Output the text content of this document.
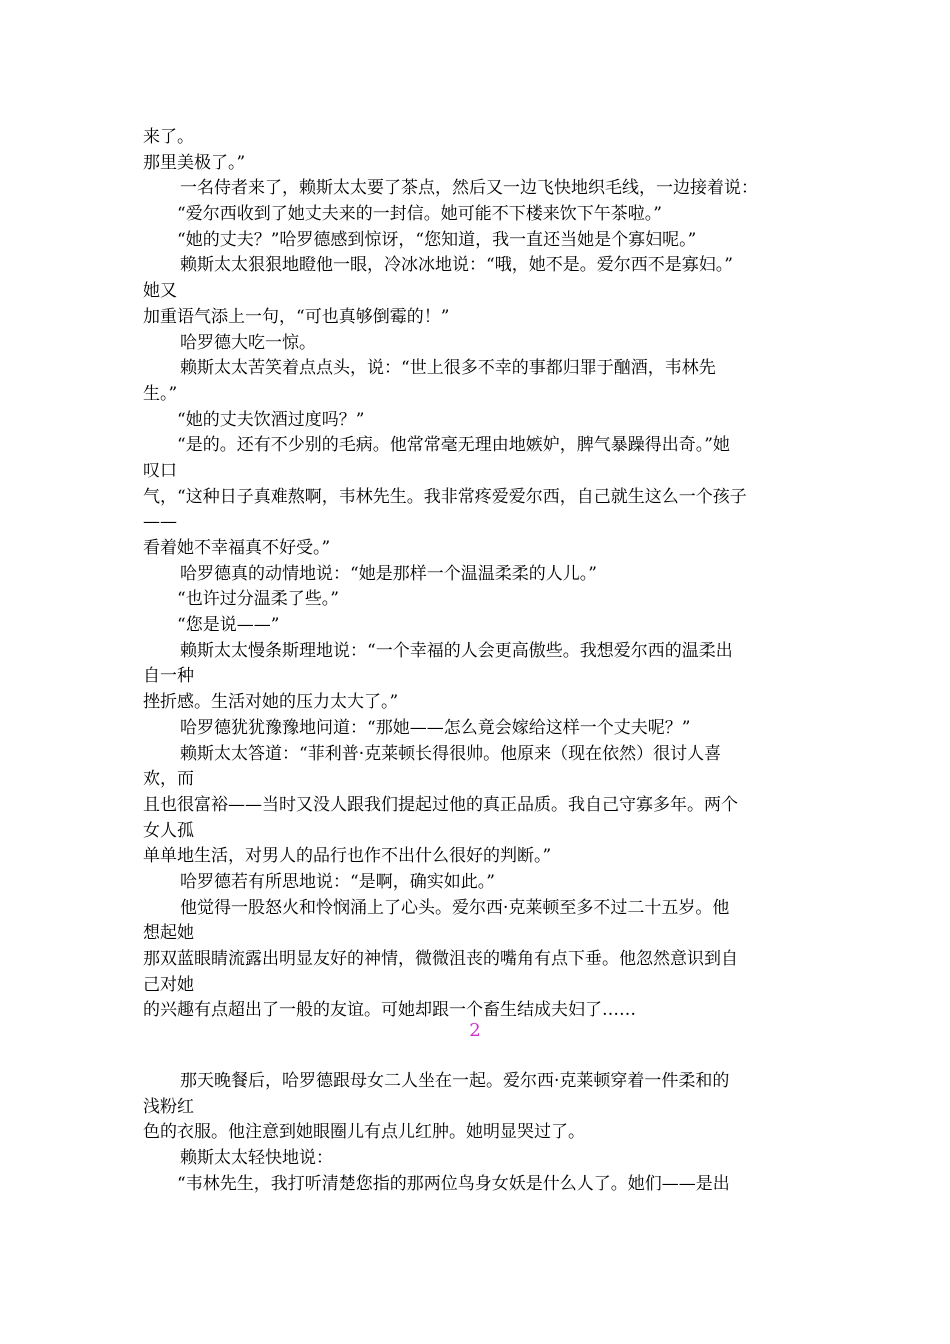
来了。
那里美极了。”
一名侍者来了，赖斯太太要了茶点，然后又一边飞快地织毛线，一边接着说：
“爱尔西收到了她丈夫来的一封信。她可能不下楼来饮下午茶啦。”
“她的丈夫？”哈罗德感到惊讶，“您知道，我一直还当她是个寡妇呢。”
赖斯太太狠狠地瞪他一眼，冷冰冰地说：“哦，她不是。爱尔西不是寡妇。”
她又
加重语气添上一句，“可也真够倒霉的！”
哈罗德大吃一惊。
赖斯太太苦笑着点点头，说：“世上很多不幸的事都归罪于酗酒，韦林先
生。”
“她的丈夫饮酒过度吗？”
“是的。还有不少别的毛病。他常常毫无理由地嫉妒，脾气暴躁得出奇。”她
叹口
气，“这种日子真难熬啊，韦林先生。我非常疼爱爱尔西，自己就生这么一个孩子
——
看着她不幸福真不好受。”
哈罗德真的动情地说：“她是那样一个温温柔柔的人儿。”
“也许过分温柔了些。”
“您是说——”
赖斯太太慢条斯理地说：“一个幸福的人会更高傲些。我想爱尔西的温柔出
自一种
挫折感。生活对她的压力太大了。”
哈罗德犹犹豫豫地问道：“那她——怎么竟会嫁给这样一个丈夫呢？”
赖斯太太答道：“菲利普·克莱顿长得很帅。他原来（现在依然）很讨人喜
欢，而
且也很富裕——当时又没人跟我们提起过他的真正品质。我自己守寡多年。两个
女人孤
单单地生活，对男人的品行也作不出什么很好的判断。”
哈罗德若有所思地说：“是啊，确实如此。”
他觉得一股怒火和怜悯涌上了心头。爱尔西·克莱顿至多不过二十五岁。他
想起她
那双蓝眼睛流露出明显友好的神情，微微沮丧的嘴角有点下垂。他忽然意识到自
己对她
的兴趣有点超出了一般的友谊。可她却跟一个畜生结成夫妇了……
2
那天晚餐后，哈罗德跟母女二人坐在一起。爱尔西·克莱顿穿着一件柔和的
浅粉红
色的衣服。他注意到她眼圈儿有点儿红肿。她明显哭过了。
赖斯太太轻快地说：
“韦林先生，我打听清楚您指的那两位鸟身女妖是什么人了。她们——是出
